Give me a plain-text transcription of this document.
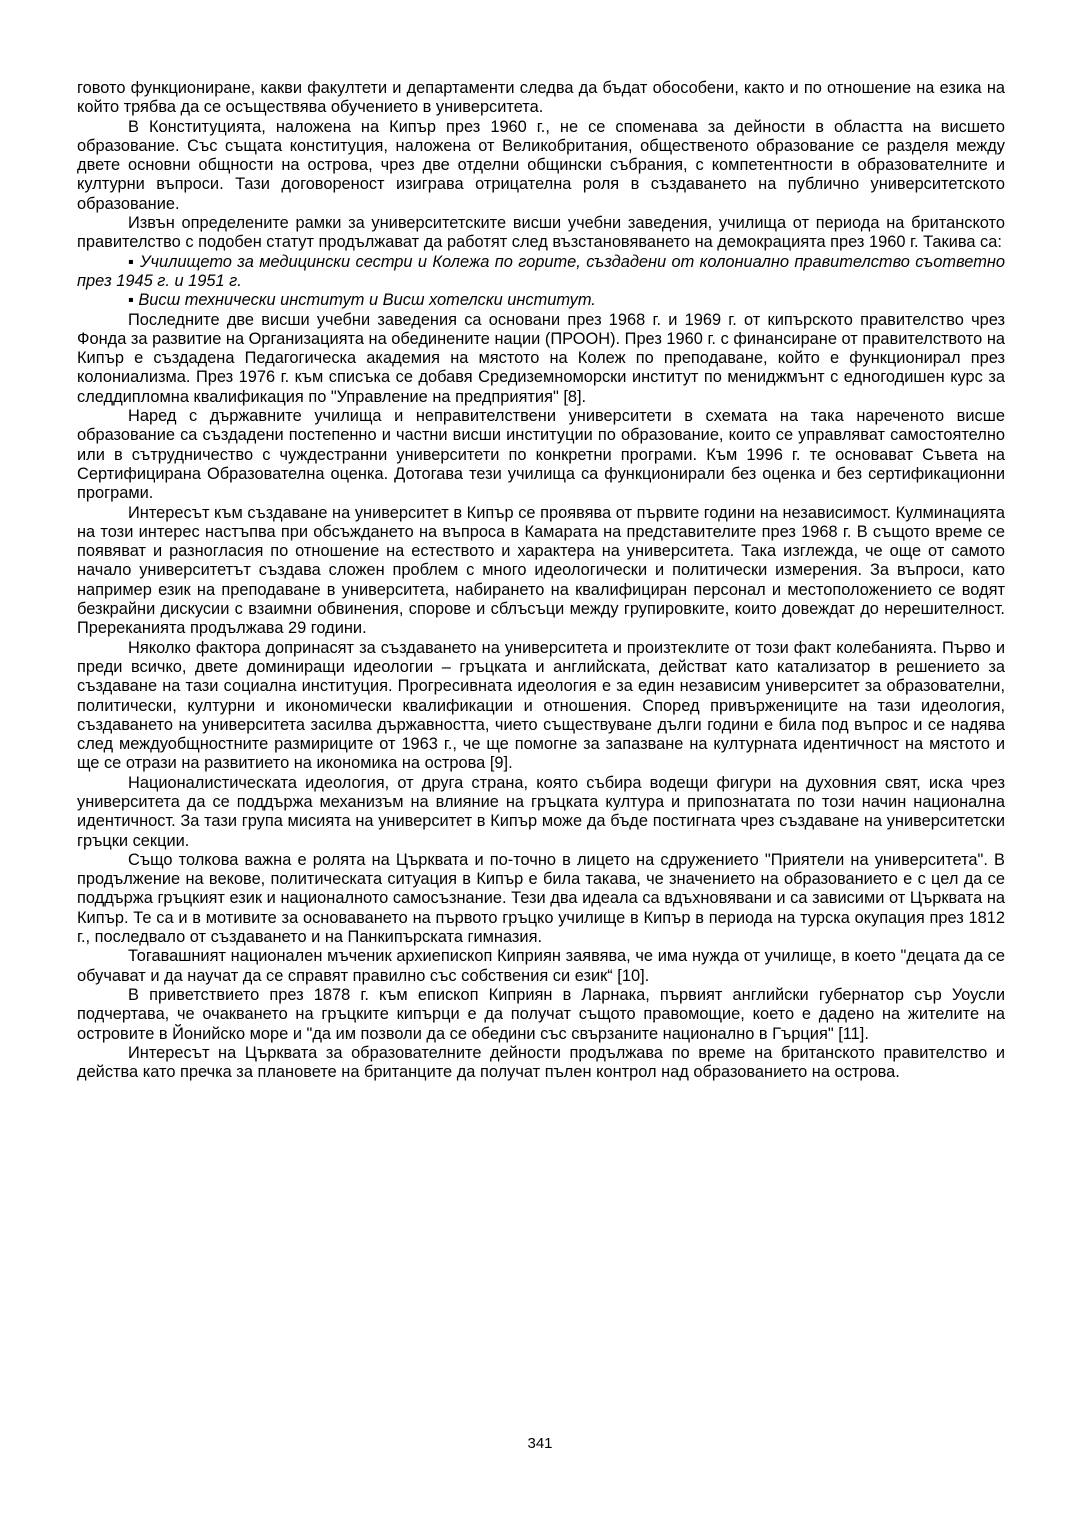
говото функциониране, какви факултети и департаменти следва да бъдат обособени, както и по отношение на езика на който трябва да се осъществява обучението в университета.

В Конституцията, наложена на Кипър през 1960 г., не се споменава за дейности в областта на висшето образование. Със същата конституция, наложена от Великобритания, общественото образование се разделя между двете основни общности на острова, чрез две отделни общински събрания, с компетентности в образователните и културни въпроси. Тази договореност изиграва отрицателна роля в създаването на публично университетското образование.

Извън определените рамки за университетските висши учебни заведения, училища от периода на британското правителство с подобен статут продължават да работят след възстановяването на демокрацията през 1960 г. Такива са:

▪ Училището за медицински сестри и Колежа по горите, създадени от колониално правителство съответно през 1945 г. и 1951 г.

▪ Висш технически институт и Висш хотелски институт.

Последните две висши учебни заведения са основани през 1968 г. и 1969 г. от кипърското правителство чрез Фонда за развитие на Организацията на обединените нации (ПРООН). През 1960 г. с финансиране от правителството на Кипър е създадена Педагогическа академия на мястото на Колеж по преподаване, който е функционирал през колониализма. През 1976 г. към списъка се добавя Средиземноморски институт по мениджмънт с едногодишен курс за следдипломна квалификация по "Управление на предприятия" [8].

Наред с държавните училища и неправителствени университети в схемата на така нареченото висше образование са създадени постепенно и частни висши институции по образование, които се управляват самостоятелно или в сътрудничество с чуждестранни университети по конкретни програми. Към 1996 г. те основават Съвета на Сертифицирана Образователна оценка. Дотогава тези училища са функционирали без оценка и без сертификационни програми.

Интересът към създаване на университет в Кипър се проявява от първите години на независимост. Кулминацията на този интерес настъпва при обсъждането на въпроса в Камарата на представителите през 1968 г. В същото време се появяват и разногласия по отношение на естеството и характера на университета. Така изглежда, че още от самото начало университетът създава сложен проблем с много идеологически и политически измерения. За въпроси, като например език на преподаване в университета, набирането на квалифициран персонал и местоположението се водят безкрайни дискусии с взаимни обвинения, спорове и сблъсъци между групировките, които довеждат до нерешителност. Пререканията продължава 29 години.

Няколко фактора допринасят за създаването на университета и произтеклите от този факт колебанията. Първо и преди всичко, двете доминиращи идеологии – гръцката и английската, действат като катализатор в решението за създаване на тази социална институция. Прогресивната идеология е за един независим университет за образователни, политически, културни и икономически квалификации и отношения. Според привържениците на тази идеология, създаването на университета засилва държавността, чието съществуване дълги години е била под въпрос и се надява след междуобщностните размириците от 1963 г., че ще помогне за запазване на културната идентичност на мястото и ще се отрази на развитието на икономика на острова [9].

Националистическата идеология, от друга страна, която събира водещи фигури на духовния свят, иска чрез университета да се поддържа механизъм на влияние на гръцката култура и припознатата по този начин национална идентичност. За тази група мисията на университет в Кипър може да бъде постигната чрез създаване на университетски гръцки секции.

Също толкова важна е ролята на Църквата и по-точно в лицето на сдружението "Приятели на университета". В продължение на векове, политическата ситуация в Кипър е била такава, че значението на образованието е с цел да се поддържа гръцкият език и националното самосъзнание. Тези два идеала са вдъхновявани и са зависими от Църквата на Кипър. Те са и в мотивите за основаването на първото гръцко училище в Кипър в периода на турска окупация през 1812 г., последвало от създаването и на Панкипърската гимназия.

Тогавашният национален мъченик архиепископ Киприян заявява, че има нужда от училище, в което "децата да се обучават и да научат да се справят правилно със собствения си език“ [10].

В приветствието през 1878 г. към епископ Киприян в Ларнака, първият английски губернатор сър Уоусли подчертава, че очакването на гръцките кипърци е да получат същото правомощие, което е дадено на жителите на островите в Йонийско море и "да им позволи да се обедини със свързаните национално в Гърция" [11].

Интересът на Църквата за образователните дейности продължава по време на британското правителство и действа като пречка за плановете на британците да получат пълен контрол над образованието на острова.

341
